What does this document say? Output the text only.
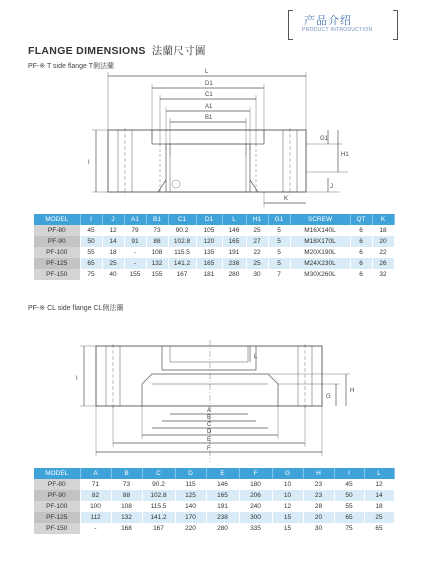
产品介绍
PRODUCT INTRODUCTION
FLANGE DIMENSIONS 法蘭尺寸圖
PF-※ T side flange T側法蘭
L
D1
C1
A1
B1
I
J
G1
H1
K
MODEL	I	J	A1	B1	C1	D1	L	H1	G1	SCREW	QT	K
PF-80	45	12	79	73	90.2	105	146	25	5	M16X140L	6	18
PF-90	50	14	91	88	102.8	120	165	27	5	M18X170L	6	20
PF-100	55	18	-	108	115.5	135	191	22	5	M20X190L	6	22
PF-125	65	25	-	132	141.2	165	238	25	5	M24X230L	6	26
PF-150	75	40	155	155	167	181	280	30	7	M30X260L	6	32
PF-※ CL side flange CL側法蘭
I
L
A
B
C
D
E
F
G
H
MODEL	A	B	C	D	E	F	G	H	I	L
PF-80	71	73	90.2	115	146	180	10	23	45	12
PF-90	82	88	102.8	125	165	206	10	23	50	14
PF-100	100	108	115.5	140	191	240	12	28	55	18
PF-125	112	132	141.2	170	238	300	15	20	65	25
PF-150	-	168	167	220	280	335	15	30	75	65
